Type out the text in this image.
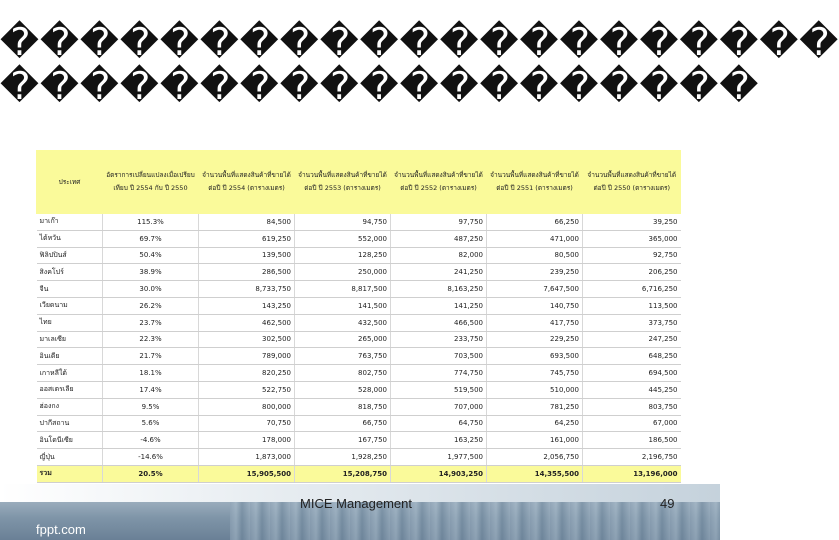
���������������������
�������������������
ประเทศ	อัตราการเปลี่ยนแปลงเมื่อเปรียบเทียบ ปี 2554 กับ ปี 2550	จำนวนพื้นที่แสดงสินค้าที่ขายได้ต่อปี ปี 2554 (ตารางเมตร)	จำนวนพื้นที่แสดงสินค้าที่ขายได้ต่อปี ปี 2553 (ตารางเมตร)	จำนวนพื้นที่แสดงสินค้าที่ขายได้ต่อปี ปี 2552 (ตารางเมตร)	จำนวนพื้นที่แสดงสินค้าที่ขายได้ต่อปี ปี 2551 (ตารางเมตร)	จำนวนพื้นที่แสดงสินค้าที่ขายได้ต่อปี ปี 2550 (ตารางเมตร)
มาเก๊า	115.3%	84,500	94,750	97,750	66,250	39,250
ไต้หวัน	69.7%	619,250	552,000	487,250	471,000	365,000
ฟิลิปปินส์	50.4%	139,500	128,250	82,000	80,500	92,750
สิงคโปร์	38.9%	286,500	250,000	241,250	239,250	206,250
จีน	30.0%	8,733,750	8,817,500	8,163,250	7,647,500	6,716,250
เวียดนาม	26.2%	143,250	141,500	141,250	140,750	113,500
ไทย	23.7%	462,500	432,500	466,500	417,750	373,750
มาเลเซีย	22.3%	302,500	265,000	233,750	229,250	247,250
อินเดีย	21.7%	789,000	763,750	703,500	693,500	648,250
เกาหลีใต้	18.1%	820,250	802,750	774,750	745,750	694,500
ออสเตรเลีย	17.4%	522,750	528,000	519,500	510,000	445,250
ฮ่องกง	9.5%	800,000	818,750	707,000	781,250	803,750
ปากีสถาน	5.6%	70,750	66,750	64,750	64,250	67,000
อินโดนีเซีย	-4.6%	178,000	167,750	163,250	161,000	186,500
ญี่ปุ่น	-14.6%	1,873,000	1,928,250	1,977,500	2,056,750	2,196,750
รวม	20.5%	15,905,500	15,208,750	14,903,250	14,355,500	13,196,000
MICE Management	49
fppt.com
